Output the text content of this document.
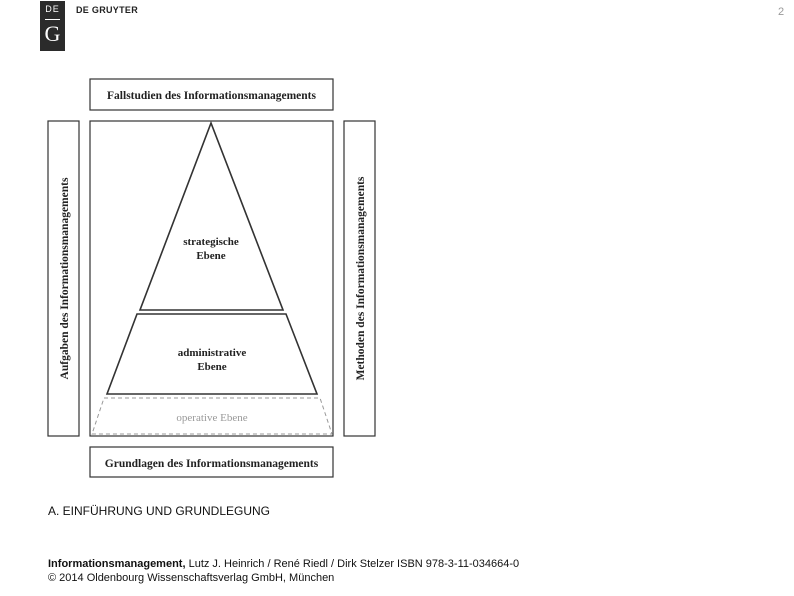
DE
G
DE GRUYTER	2
Fallstudien des Informationsmanagements
Aufgaben des Informationsmanagements	Methoden des Informationsmanagements
strategische
Ebene
administrative
Ebene
operative Ebene
Grundlagen des Informationsmanagements
A. EINFÜHRUNG UND GRUNDLEGUNG
Informationsmanagement, Lutz J. Heinrich / René Riedl / Dirk Stelzer ISBN 978-3-11-034664-0
© 2014 Oldenbourg Wissenschaftsverlag GmbH, München
